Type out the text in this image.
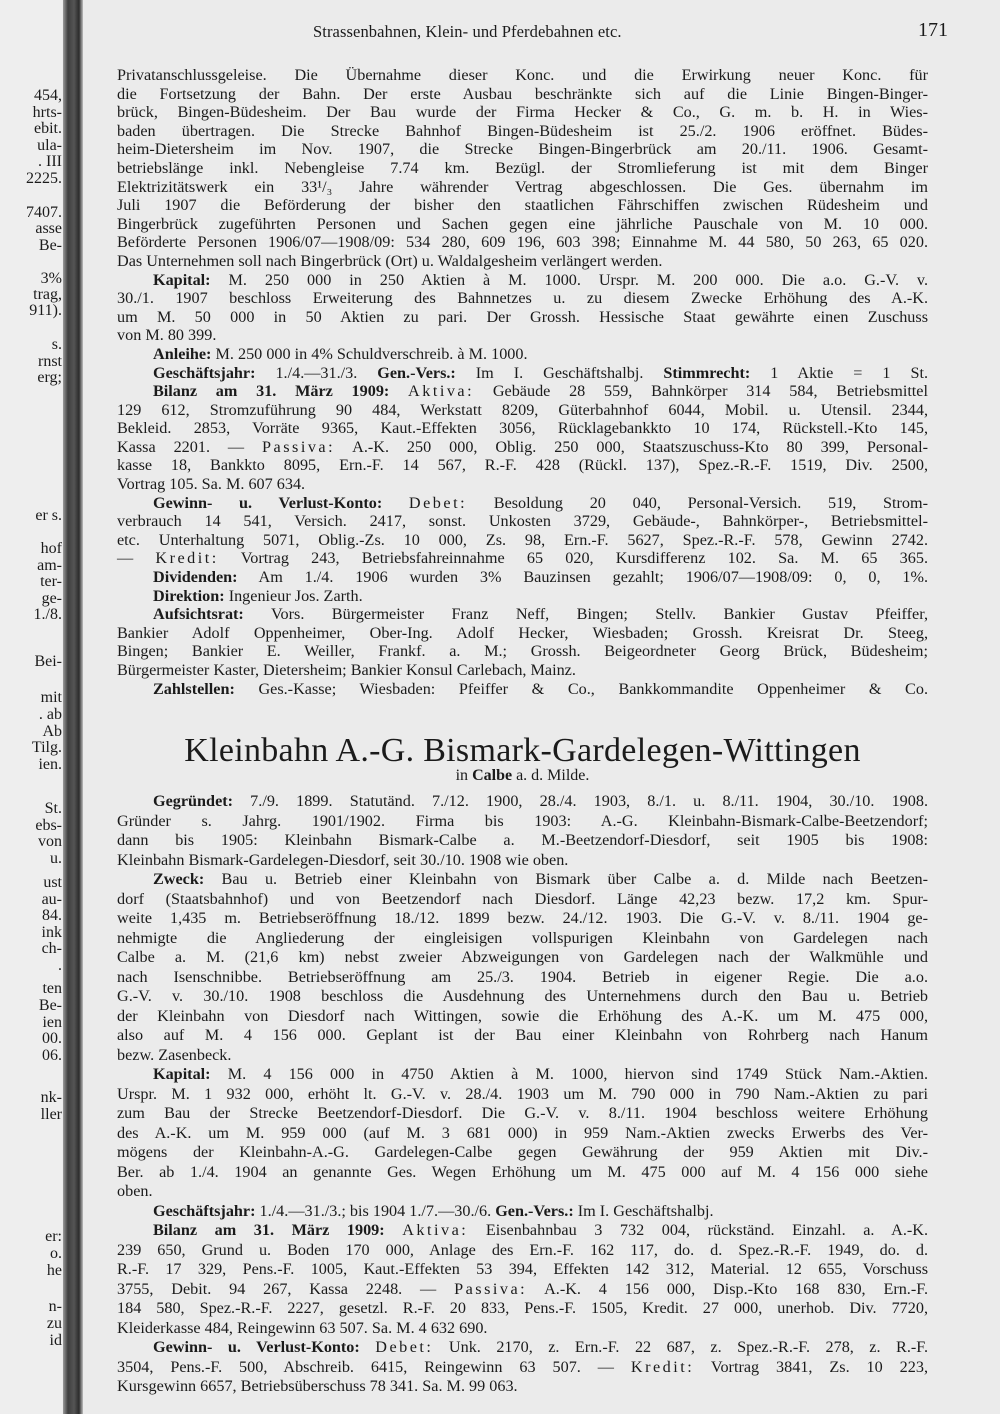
454,
hrts-
ebit.
ula-
. III
2225.
7407.
asse
Be-
3%
trag,
911).
s.
rnst
erg;
er s.
hof
am-
ter-
ge-
1./8.
Bei-
mit
. ab
Ab
Tilg.
ien.
St.
ebs-
von
u.
ust
au-
84.
ink
ch-
.
ten
Be-
ien
00.
06.
nk-
ller
er:
o.
he
n-
zu
id
Strassenbahnen, Klein- und Pferdebahnen etc.	171
Privatanschlussgeleise. Die Übernahme dieser Konc. und die Erwirkung neuer Konc. für
die Fortsetzung der Bahn. Der erste Ausbau beschränkte sich auf die Linie Bingen-Binger-
brück, Bingen-Büdesheim. Der Bau wurde der Firma Hecker & Co., G. m. b. H. in Wies-
baden übertragen. Die Strecke Bahnhof Bingen-Büdesheim ist 25./2. 1906 eröffnet. Büdes-
heim-Dietersheim im Nov. 1907, die Strecke Bingen-Bingerbrück am 20./11. 1906. Gesamt-
betriebslänge inkl. Nebengleise 7.74 km. Bezügl. der Stromlieferung ist mit dem Binger
Elektrizitätswerk ein 33¹/₃ Jahre währender Vertrag abgeschlossen. Die Ges. übernahm im
Juli 1907 die Beförderung der bisher den staatlichen Fährschiffen zwischen Rüdesheim und
Bingerbrück zugeführten Personen und Sachen gegen eine jährliche Pauschale von M. 10 000.
Beförderte Personen 1906/07—1908/09: 534 280, 609 196, 603 398; Einnahme M. 44 580, 50 263, 65 020.
Das Unternehmen soll nach Bingerbrück (Ort) u. Waldalgesheim verlängert werden.
Kapital: M. 250 000 in 250 Aktien à M. 1000. Urspr. M. 200 000. Die a.o. G.-V. v.
30./1. 1907 beschloss Erweiterung des Bahnnetzes u. zu diesem Zwecke Erhöhung des A.-K.
um M. 50 000 in 50 Aktien zu pari. Der Grossh. Hessische Staat gewährte einen Zuschuss
von M. 80 399.
Anleihe: M. 250 000 in 4% Schuldverschreib. à M. 1000.
Geschäftsjahr: 1./4.—31./3. Gen.-Vers.: Im I. Geschäftshalbj. Stimmrecht: 1 Aktie = 1 St.
Bilanz am 31. März 1909: Aktiva: Gebäude 28 559, Bahnkörper 314 584, Betriebsmittel
129 612, Stromzuführung 90 484, Werkstatt 8209, Güterbahnhof 6044, Mobil. u. Utensil. 2344,
Bekleid. 2853, Vorräte 9365, Kaut.-Effekten 3056, Rücklagebankkto 10 174, Rückstell.-Kto 145,
Kassa 2201. — Passiva: A.-K. 250 000, Oblig. 250 000, Staatszuschuss-Kto 80 399, Personal-
kasse 18, Bankkto 8095, Ern.-F. 14 567, R.-F. 428 (Rückl. 137), Spez.-R.-F. 1519, Div. 2500,
Vortrag 105. Sa. M. 607 634.
Gewinn- u. Verlust-Konto: Debet: Besoldung 20 040, Personal-Versich. 519, Strom-
verbrauch 14 541, Versich. 2417, sonst. Unkosten 3729, Gebäude-, Bahnkörper-, Betriebsmittel-
etc. Unterhaltung 5071, Oblig.-Zs. 10 000, Zs. 98, Ern.-F. 5627, Spez.-R.-F. 578, Gewinn 2742.
— Kredit: Vortrag 243, Betriebsfahreinnahme 65 020, Kursdifferenz 102. Sa. M. 65 365.
Dividenden: Am 1./4. 1906 wurden 3% Bauzinsen gezahlt; 1906/07—1908/09: 0, 0, 1%.
Direktion: Ingenieur Jos. Zarth.
Aufsichtsrat: Vors. Bürgermeister Franz Neff, Bingen; Stellv. Bankier Gustav Pfeiffer,
Bankier Adolf Oppenheimer, Ober-Ing. Adolf Hecker, Wiesbaden; Grossh. Kreisrat Dr. Steeg,
Bingen; Bankier E. Weiller, Frankf. a. M.; Grossh. Beigeordneter Georg Brück, Büdesheim;
Bürgermeister Kaster, Dietersheim; Bankier Konsul Carlebach, Mainz.
Zahlstellen: Ges.-Kasse; Wiesbaden: Pfeiffer & Co., Bankkommandite Oppenheimer & Co.
Kleinbahn A.-G. Bismark-Gardelegen-Wittingen
in Calbe a. d. Milde.
Gegründet: 7./9. 1899. Statutänd. 7./12. 1900, 28./4. 1903, 8./1. u. 8./11. 1904, 30./10. 1908.
Gründer s. Jahrg. 1901/1902. Firma bis 1903: A.-G. Kleinbahn-Bismark-Calbe-Beetzendorf;
dann bis 1905: Kleinbahn Bismark-Calbe a. M.-Beetzendorf-Diesdorf, seit 1905 bis 1908:
Kleinbahn Bismark-Gardelegen-Diesdorf, seit 30./10. 1908 wie oben.
Zweck: Bau u. Betrieb einer Kleinbahn von Bismark über Calbe a. d. Milde nach Beetzen-
dorf (Staatsbahnhof) und von Beetzendorf nach Diesdorf. Länge 42,23 bezw. 17,2 km. Spur-
weite 1,435 m. Betriebseröffnung 18./12. 1899 bezw. 24./12. 1903. Die G.-V. v. 8./11. 1904 ge-
nehmigte die Angliederung der eingleisigen vollspurigen Kleinbahn von Gardelegen nach
Calbe a. M. (21,6 km) nebst zweier Abzweigungen von Gardelegen nach der Walkmühle und
nach Isenschnibbe. Betriebseröffnung am 25./3. 1904. Betrieb in eigener Regie. Die a.o.
G.-V. v. 30./10. 1908 beschloss die Ausdehnung des Unternehmens durch den Bau u. Betrieb
der Kleinbahn von Diesdorf nach Wittingen, sowie die Erhöhung des A.-K. um M. 475 000,
also auf M. 4 156 000. Geplant ist der Bau einer Kleinbahn von Rohrberg nach Hanum
bezw. Zasenbeck.
Kapital: M. 4 156 000 in 4750 Aktien à M. 1000, hiervon sind 1749 Stück Nam.-Aktien.
Urspr. M. 1 932 000, erhöht lt. G.-V. v. 28./4. 1903 um M. 790 000 in 790 Nam.-Aktien zu pari
zum Bau der Strecke Beetzendorf-Diesdorf. Die G.-V. v. 8./11. 1904 beschloss weitere Erhöhung
des A.-K. um M. 959 000 (auf M. 3 681 000) in 959 Nam.-Aktien zwecks Erwerbs des Ver-
mögens der Kleinbahn-A.-G. Gardelegen-Calbe gegen Gewährung der 959 Aktien mit Div.-
Ber. ab 1./4. 1904 an genannte Ges. Wegen Erhöhung um M. 475 000 auf M. 4 156 000 siehe
oben.
Geschäftsjahr: 1./4.—31./3.; bis 1904 1./7.—30./6. Gen.-Vers.: Im I. Geschäftshalbj.
Bilanz am 31. März 1909: Aktiva: Eisenbahnbau 3 732 004, rückständ. Einzahl. a. A.-K.
239 650, Grund u. Boden 170 000, Anlage des Ern.-F. 162 117, do. d. Spez.-R.-F. 1949, do. d.
R.-F. 17 329, Pens.-F. 1005, Kaut.-Effekten 53 394, Effekten 142 312, Material. 12 655, Vorschuss
3755, Debit. 94 267, Kassa 2248. — Passiva: A.-K. 4 156 000, Disp.-Kto 168 830, Ern.-F.
184 580, Spez.-R.-F. 2227, gesetzl. R.-F. 20 833, Pens.-F. 1505, Kredit. 27 000, unerhob. Div. 7720,
Kleiderkasse 484, Reingewinn 63 507. Sa. M. 4 632 690.
Gewinn- u. Verlust-Konto: Debet: Unk. 2170, z. Ern.-F. 22 687, z. Spez.-R.-F. 278, z. R.-F.
3504, Pens.-F. 500, Abschreib. 6415, Reingewinn 63 507. — Kredit: Vortrag 3841, Zs. 10 223,
Kursgewinn 6657, Betriebsüberschuss 78 341. Sa. M. 99 063.
